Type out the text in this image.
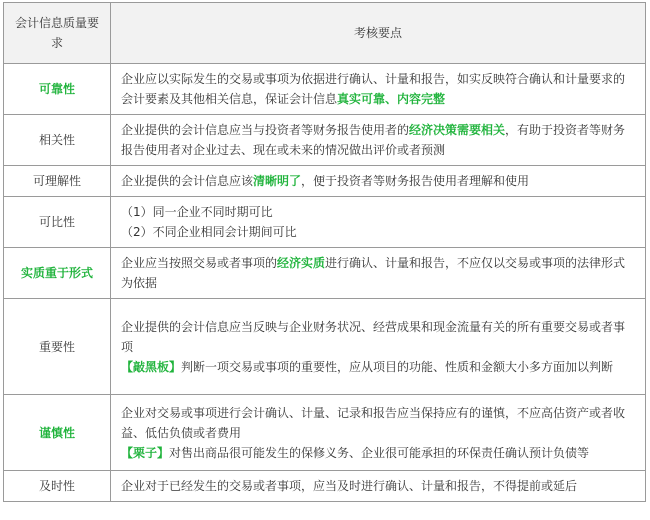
会计信息质量要求	考核要点
可靠性	企业应以实际发生的交易或事项为依据进行确认、计量和报告，如实反映符合确认和计量要求的会计要素及其他相关信息，保证会计信息真实可靠、内容完整
相关性	企业提供的会计信息应当与投资者等财务报告使用者的经济决策需要相关，有助于投资者等财务报告使用者对企业过去、现在或未来的情况做出评价或者预测
可理解性	企业提供的会计信息应该清晰明了，便于投资者等财务报告使用者理解和使用
可比性	（1）同一企业不同时期可比
（2）不同企业相同会计期间可比

实质重于形式	企业应当按照交易或者事项的经济实质进行确认、计量和报告，不应仅以交易或事项的法律形式为依据
重要性	企业提供的会计信息应当反映与企业财务状况、经营成果和现金流量有关的所有重要交易或者事项
【敲黑板】判断一项交易或事项的重要性，应从项目的功能、性质和金额大小多方面加以判断

谨慎性	企业对交易或事项进行会计确认、计量、记录和报告应当保持应有的谨慎，不应高估资产或者收益、低估负债或者费用
【栗子】对售出商品很可能发生的保修义务、企业很可能承担的环保责任确认预计负债等

及时性	企业对于已经发生的交易或者事项，应当及时进行确认、计量和报告，不得提前或延后
